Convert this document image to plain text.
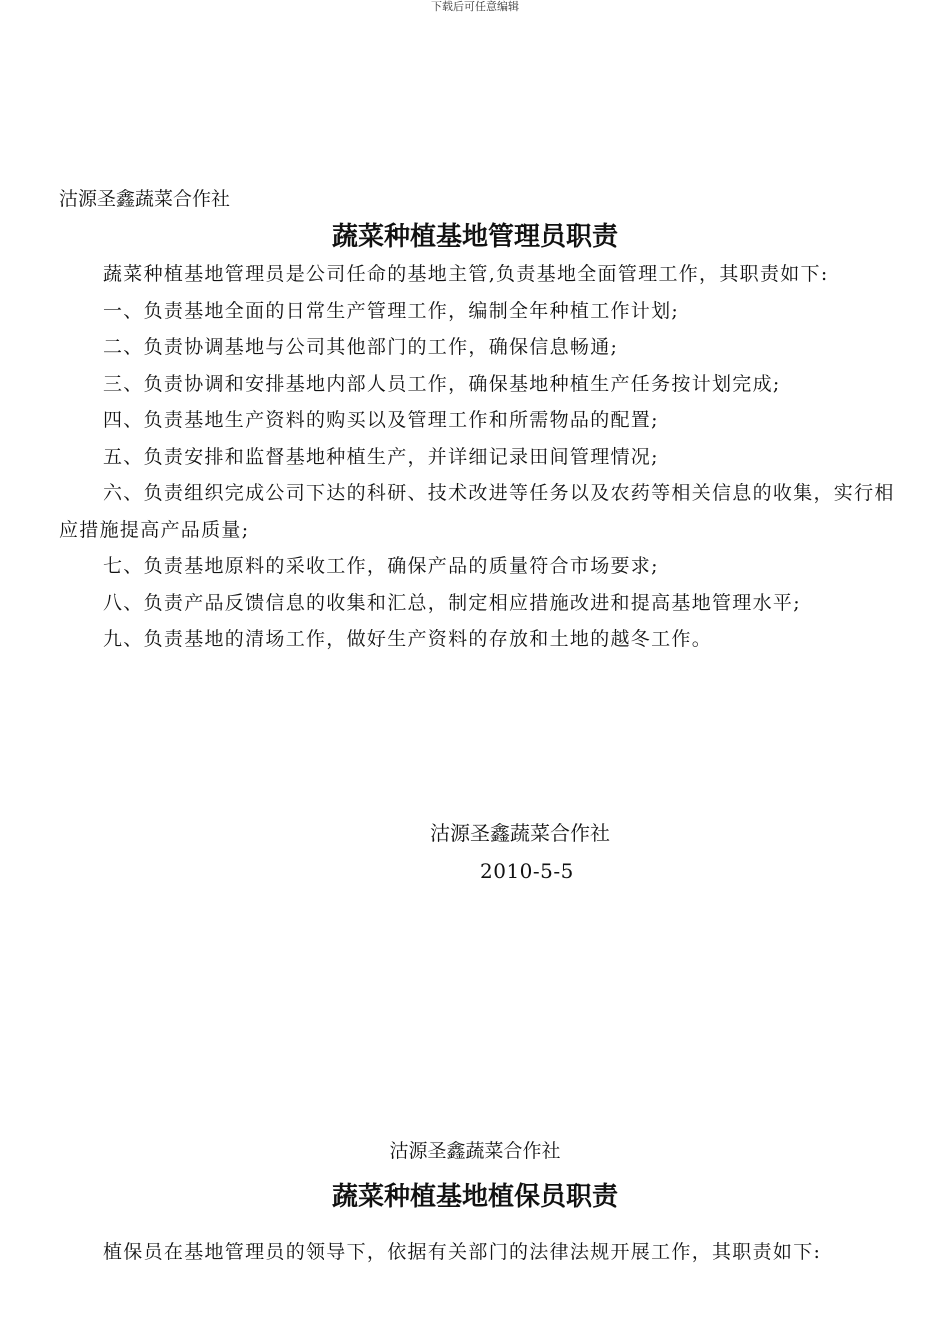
下载后可任意编辑
沽源圣鑫蔬菜合作社
蔬菜种植基地管理员职责

蔬菜种植基地管理员是公司任命的基地主管,负责基地全面管理工作，其职责如下:

一、负责基地全面的日常生产管理工作，编制全年种植工作计划;

二、负责协调基地与公司其他部门的工作，确保信息畅通;

三、负责协调和安排基地内部人员工作，确保基地种植生产任务按计划完成;

四、负责基地生产资料的购买以及管理工作和所需物品的配置;

五、负责安排和监督基地种植生产，并详细记录田间管理情况;

六、负责组织完成公司下达的科研、技术改进等任务以及农药等相关信息的收集，实行相应措施提高产品质量;

七、负责基地原料的采收工作，确保产品的质量符合市场要求;

八、负责产品反馈信息的收集和汇总，制定相应措施改进和提高基地管理水平;

九、负责基地的清场工作，做好生产资料的存放和土地的越冬工作。

沽源圣鑫蔬菜合作社
2010-5-5
沽源圣鑫蔬菜合作社
蔬菜种植基地植保员职责

植保员在基地管理员的领导下，依据有关部门的法律法规开展工作，其职责如下:
